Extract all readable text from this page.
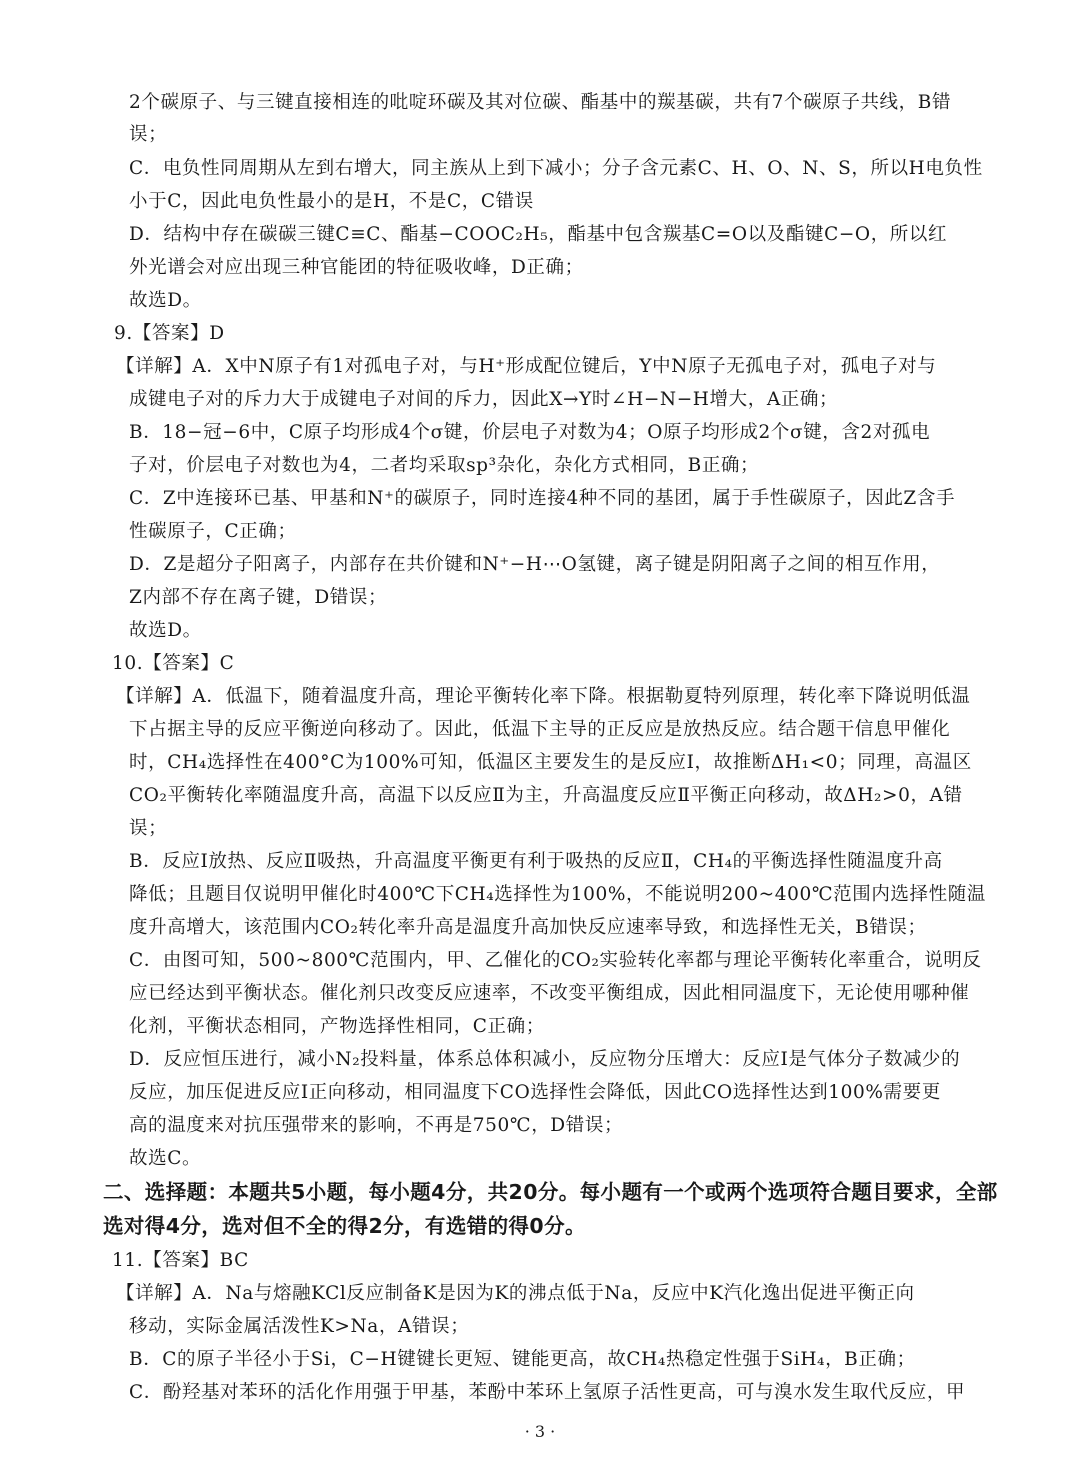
2个碳原子、与三键直接相连的吡啶环碳及其对位碳、酯基中的羰基碳，共有7个碳原子共线，B错
误；
C．电负性同周期从左到右增大，同主族从上到下减小；分子含元素C、H、O、N、S，所以H电负性
小于C，因此电负性最小的是H，不是C，C错误
D．结构中存在碳碳三键C≡C、酯基−COOC₂H₅，酯基中包含羰基C=O以及酯键C−O，所以红
外光谱会对应出现三种官能团的特征吸收峰，D正确；
故选D。
9.【答案】D
【详解】A．X中N原子有1对孤电子对，与H⁺形成配位键后，Y中N原子无孤电子对，孤电子对与
成键电子对的斥力大于成键电子对间的斥力，因此X→Y时∠H−N−H增大，A正确；
B．18−冠−6中，C原子均形成4个σ键，价层电子对数为4；O原子均形成2个σ键，含2对孤电
子对，价层电子对数也为4，二者均采取sp³杂化，杂化方式相同，B正确；
C．Z中连接环已基、甲基和N⁺的碳原子，同时连接4种不同的基团，属于手性碳原子，因此Z含手
性碳原子，C正确；
D．Z是超分子阳离子，内部存在共价键和N⁺−H⋯O氢键，离子键是阴阳离子之间的相互作用，
Z内部不存在离子键，D错误；
故选D。
10.【答案】C
【详解】A．低温下，随着温度升高，理论平衡转化率下降。根据勒夏特列原理，转化率下降说明低温
下占据主导的反应平衡逆向移动了。因此，低温下主导的正反应是放热反应。结合题干信息甲催化
时，CH₄选择性在400°C为100%可知，低温区主要发生的是反应Ⅰ，故推断ΔH₁<0；同理，高温区
CO₂平衡转化率随温度升高，高温下以反应Ⅱ为主，升高温度反应Ⅱ平衡正向移动，故ΔH₂>0，A错
误；
B．反应I放热、反应Ⅱ吸热，升高温度平衡更有利于吸热的反应Ⅱ，CH₄的平衡选择性随温度升高
降低；且题目仅说明甲催化时400℃下CH₄选择性为100%，不能说明200~400℃范围内选择性随温
度升高增大，该范围内CO₂转化率升高是温度升高加快反应速率导致，和选择性无关，B错误；
C．由图可知，500~800℃范围内，甲、乙催化的CO₂实验转化率都与理论平衡转化率重合，说明反
应已经达到平衡状态。催化剂只改变反应速率，不改变平衡组成，因此相同温度下，无论使用哪种催
化剂，平衡状态相同，产物选择性相同，C正确；
D．反应恒压进行，减小N₂投料量，体系总体积减小，反应物分压增大：反应Ⅰ是气体分子数减少的
反应，加压促进反应Ⅰ正向移动，相同温度下CO选择性会降低，因此CO选择性达到100%需要更
高的温度来对抗压强带来的影响，不再是750℃，D错误；
故选C。
二、选择题：本题共5小题，每小题4分，共20分。每小题有一个或两个选项符合题目要求，全部
选对得4分，选对但不全的得2分，有选错的得0分。
11.【答案】BC
【详解】A．Na与熔融KCl反应制备K是因为K的沸点低于Na，反应中K汽化逸出促进平衡正向
移动，实际金属活泼性K>Na，A错误；
B．C的原子半径小于Si，C−H键键长更短、键能更高，故CH₄热稳定性强于SiH₄，B正确；
C．酚羟基对苯环的活化作用强于甲基，苯酚中苯环上氢原子活性更高，可与溴水发生取代反应，甲
· 3 ·
